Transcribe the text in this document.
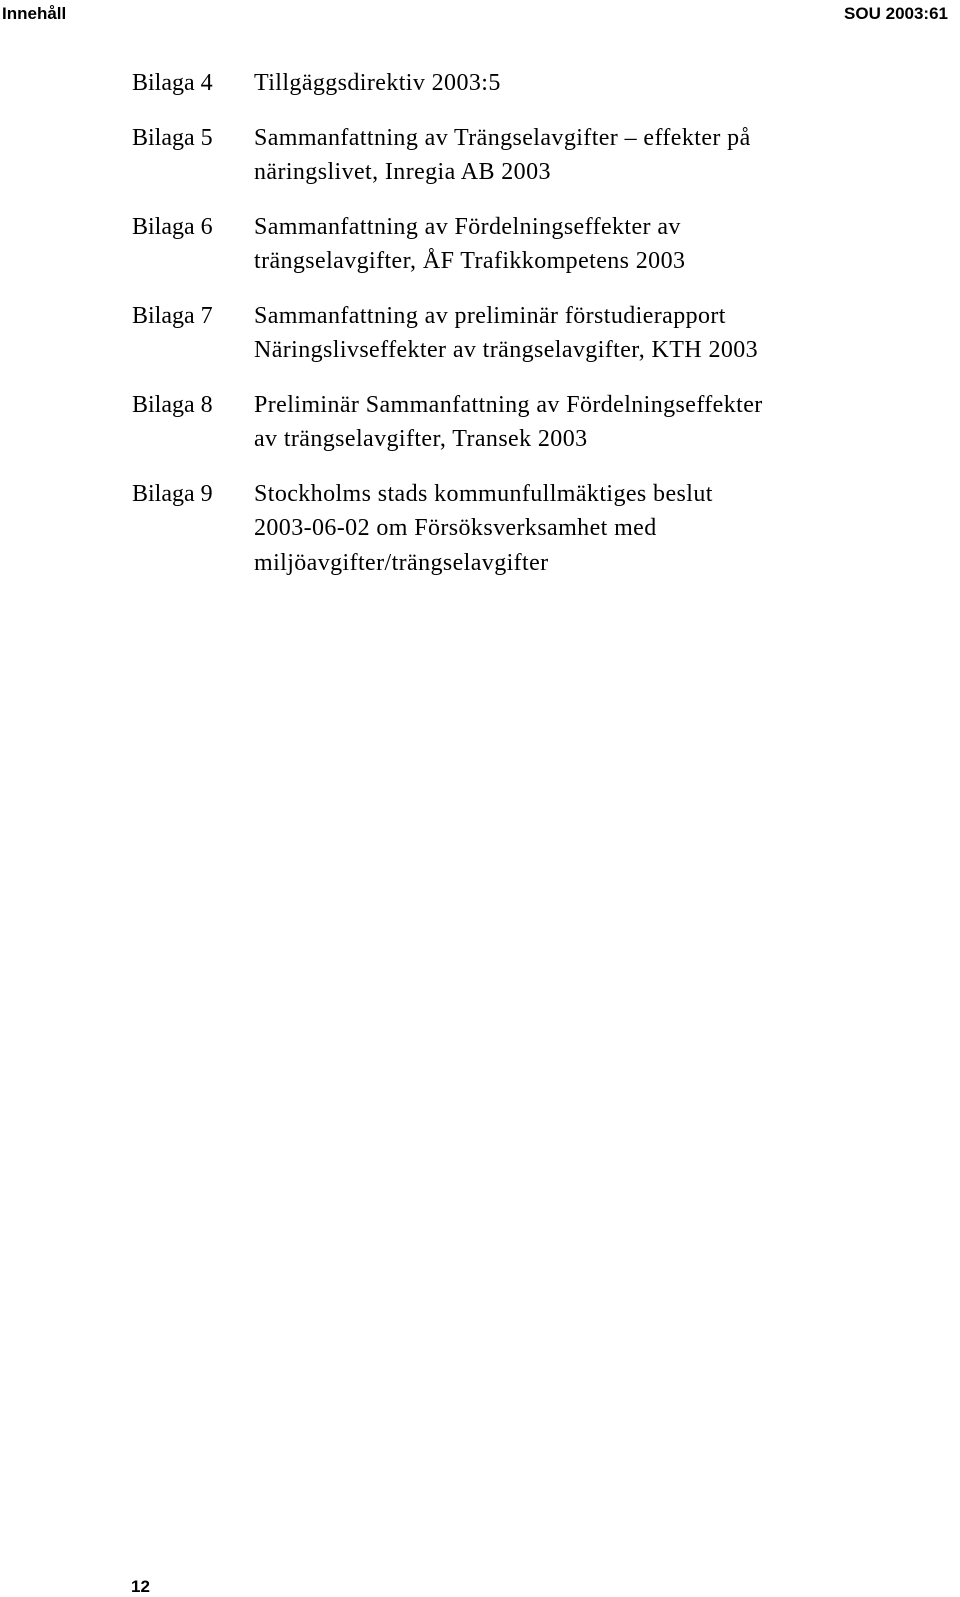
Innehåll	SOU 2003:61
Bilaga 4	Tillgäggsdirektiv 2003:5
Bilaga 5	Sammanfattning av Trängselavgifter – effekter på
näringslivet, Inregia AB 2003
Bilaga 6	Sammanfattning av Fördelningseffekter av
trängselavgifter, ÅF Trafikkompetens 2003
Bilaga 7	Sammanfattning av preliminär förstudierapport
Näringslivseffekter av trängselavgifter, KTH 2003
Bilaga 8	Preliminär Sammanfattning av Fördelningseffekter
av trängselavgifter, Transek 2003
Bilaga 9	Stockholms stads kommunfullmäktiges beslut
2003-06-02 om Försöksverksamhet med
miljöavgifter/trängselavgifter
12
